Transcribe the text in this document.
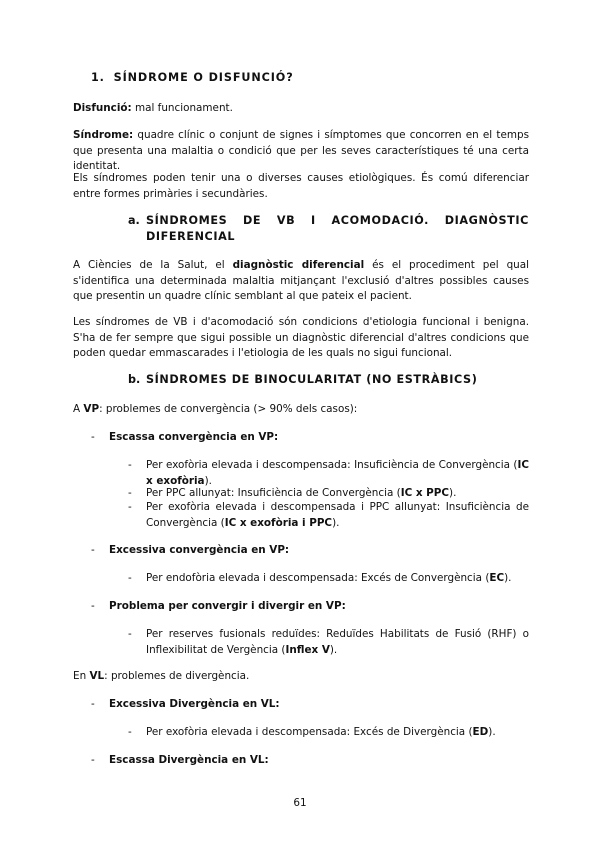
1. SÍNDROME O DISFUNCIÓ?

Disfunció: mal funcionament.

Síndrome: quadre clínic o conjunt de signes i símptomes que concorren en el temps que presenta una malaltia o condició que per les seves característiques té una certa identitat.

Els síndromes poden tenir una o diverses causes etiològiques. És comú diferenciar entre formes primàries i secundàries.

a. SÍNDROMES DE VB I ACOMODACIÓ. DIAGNÒSTIC
DIFERENCIAL

A Ciències de la Salut, el diagnòstic diferencial és el procediment pel qual s'identifica una determinada malaltia mitjançant l'exclusió d'altres possibles causes que presentin un quadre clínic semblant al que pateix el pacient.

Les síndromes de VB i d'acomodació són condicions d'etiologia funcional i benigna. S'ha de fer sempre que sigui possible un diagnòstic diferencial d'altres condicions que poden quedar emmascarades i l'etiologia de les quals no sigui funcional.

b. SÍNDROMES DE BINOCULARITAT (NO ESTRÀBICS)

A VP: problemes de convergència (> 90% dels casos):

- Escassa convergència en VP:
- Per exofòria elevada i descompensada: Insuficiència de Convergència (IC x exofòria).

- Per PPC allunyat: Insuficiència de Convergència (IC x PPC).

- Per exofòria elevada i descompensada i PPC allunyat: Insuficiència de Convergència (IC x exofòria i PPC).

- Excessiva convergència en VP:
- Per endofòria elevada i descompensada: Excés de Convergència (EC).

- Problema per convergir i divergir en VP:
- Per reserves fusionals reduïdes: Reduïdes Habilitats de Fusió (RHF) o Inflexibilitat de Vergència (Inflex V).

En VL: problemes de divergència.

- Excessiva Divergència en VL:
- Per exofòria elevada i descompensada: Excés de Divergència (ED).

- Escassa Divergència en VL:
61
